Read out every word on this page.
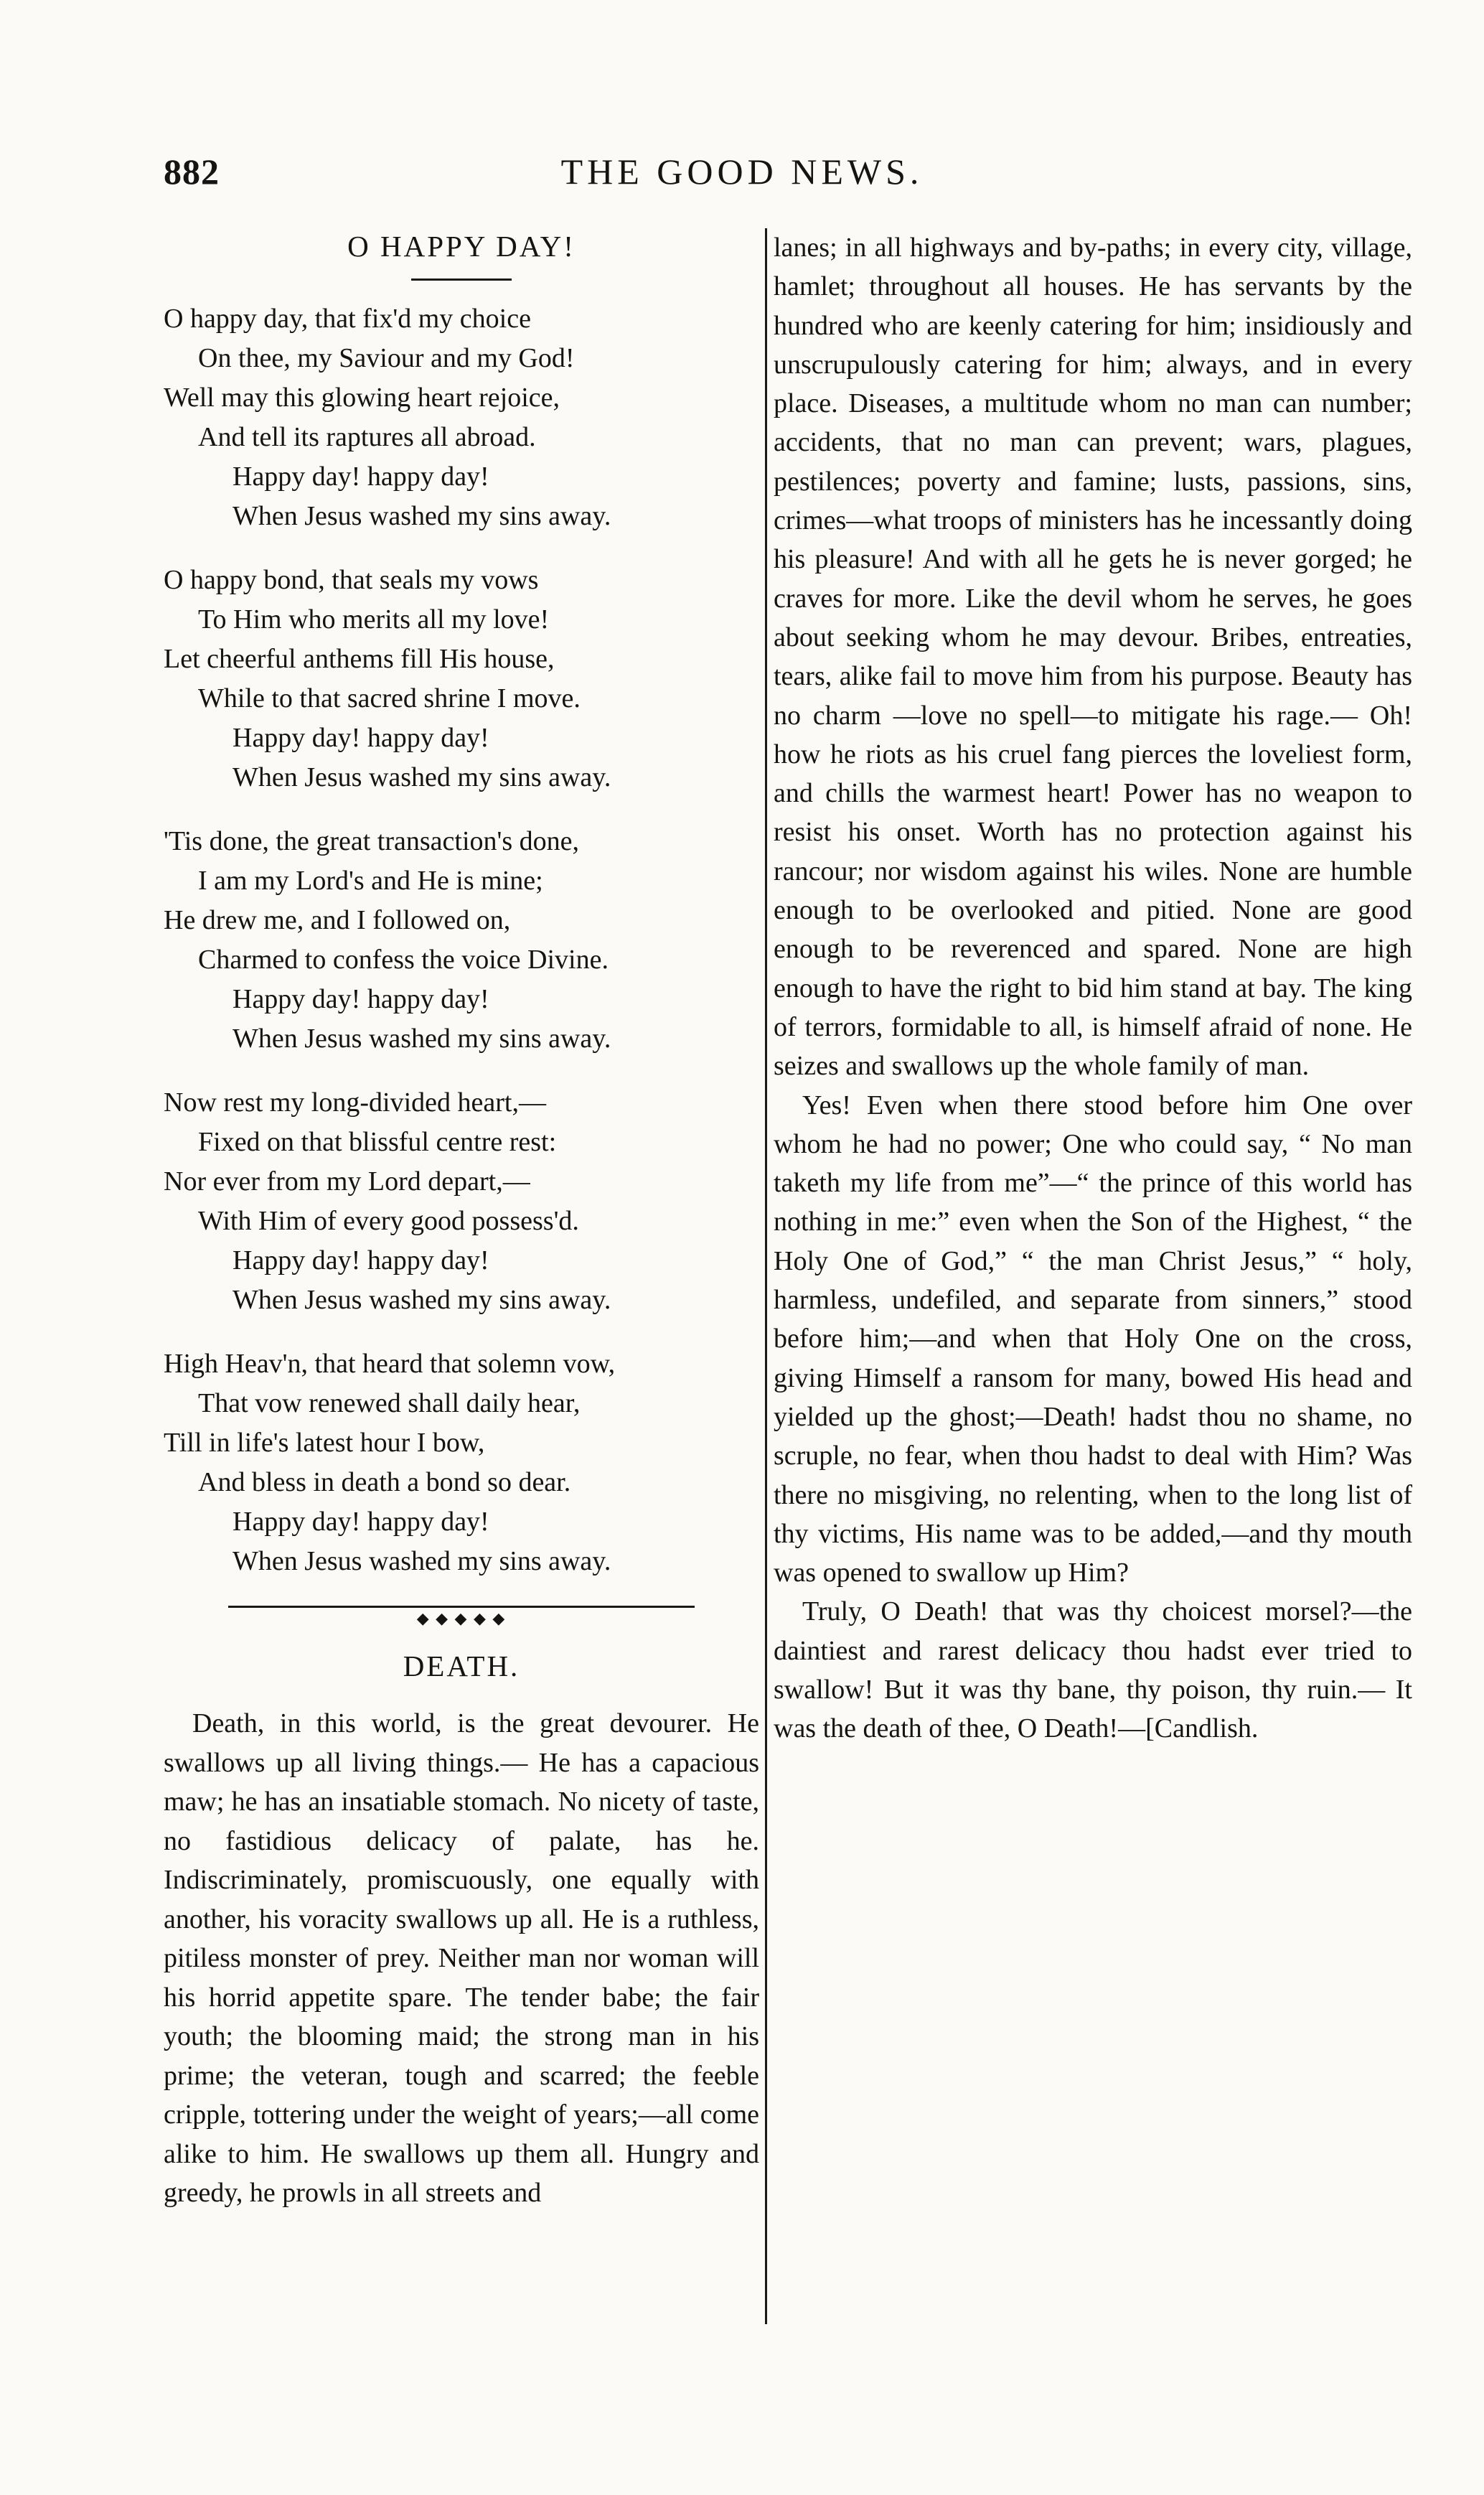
882	THE GOOD NEWS.
O HAPPY DAY!
O happy day, that fix'd my choice
On thee, my Saviour and my God!
Well may this glowing heart rejoice,
And tell its raptures all abroad.
Happy day! happy day!
When Jesus washed my sins away.
O happy bond, that seals my vows
To Him who merits all my love!
Let cheerful anthems fill His house,
While to that sacred shrine I move.
Happy day! happy day!
When Jesus washed my sins away.
'Tis done, the great transaction's done,
I am my Lord's and He is mine;
He drew me, and I followed on,
Charmed to confess the voice Divine.
Happy day! happy day!
When Jesus washed my sins away.
Now rest my long-divided heart,—
Fixed on that blissful centre rest:
Nor ever from my Lord depart,—
With Him of every good possess'd.
Happy day! happy day!
When Jesus washed my sins away.
High Heav'n, that heard that solemn vow,
That vow renewed shall daily hear,
Till in life's latest hour I bow,
And bless in death a bond so dear.
Happy day! happy day!
When Jesus washed my sins away.
◆ ◆ ◆ ◆ ◆
DEATH.

Death, in this world, is the great devourer. He swallows up all living things.— He has a capacious maw; he has an insatiable stomach. No nicety of taste, no fastidious delicacy of palate, has he. Indiscriminately, promiscuously, one equally with another, his voracity swallows up all. He is a ruthless, pitiless monster of prey. Neither man nor woman will his horrid appetite spare. The tender babe; the fair youth; the blooming maid; the strong man in his prime; the veteran, tough and scarred; the feeble cripple, tottering under the weight of years;—all come alike to him. He swallows up them all. Hungry and greedy, he prowls in all streets and

lanes; in all highways and by-paths; in every city, village, hamlet; throughout all houses. He has servants by the hundred who are keenly catering for him; insidiously and unscrupulously catering for him; always, and in every place. Diseases, a multitude whom no man can number; accidents, that no man can prevent; wars, plagues, pestilences; poverty and famine; lusts, passions, sins, crimes—what troops of ministers has he incessantly doing his pleasure! And with all he gets he is never gorged; he craves for more. Like the devil whom he serves, he goes about seeking whom he may devour. Bribes, entreaties, tears, alike fail to move him from his purpose. Beauty has no charm —love no spell—to mitigate his rage.— Oh! how he riots as his cruel fang pierces the loveliest form, and chills the warmest heart! Power has no weapon to resist his onset. Worth has no protection against his rancour; nor wisdom against his wiles. None are humble enough to be overlooked and pitied. None are good enough to be reverenced and spared. None are high enough to have the right to bid him stand at bay. The king of terrors, formidable to all, is himself afraid of none. He seizes and swallows up the whole family of man.

Yes! Even when there stood before him One over whom he had no power; One who could say, “ No man taketh my life from me”—“ the prince of this world has nothing in me:” even when the Son of the Highest, “ the Holy One of God,” “ the man Christ Jesus,” “ holy, harmless, undefiled, and separate from sinners,” stood before him;—and when that Holy One on the cross, giving Himself a ransom for many, bowed His head and yielded up the ghost;—Death! hadst thou no shame, no scruple, no fear, when thou hadst to deal with Him? Was there no misgiving, no relenting, when to the long list of thy victims, His name was to be added,—and thy mouth was opened to swallow up Him?

Truly, O Death! that was thy choicest morsel?—the daintiest and rarest delicacy thou hadst ever tried to swallow! But it was thy bane, thy poison, thy ruin.— It was the death of thee, O Death!—[Candlish.
